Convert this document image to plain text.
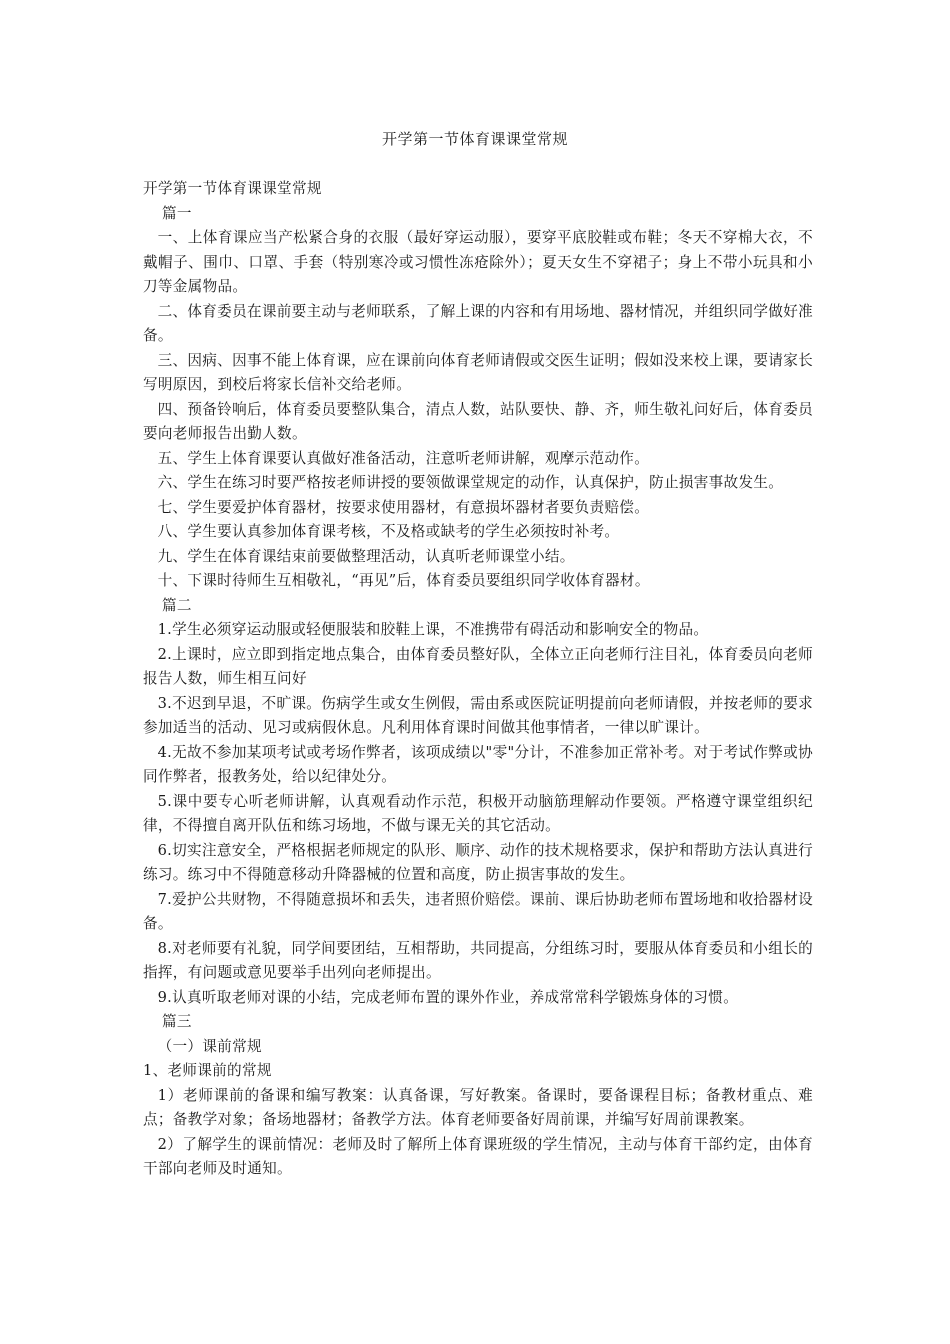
开学第一节体育课课堂常规

开学第一节体育课课堂常规

篇一

一、上体育课应当产松紧合身的衣服（最好穿运动服），要穿平底胶鞋或布鞋；冬天不穿棉大衣，不戴帽子、围巾、口罩、手套（特别寒冷或习惯性冻疮除外）；夏天女生不穿裙子；身上不带小玩具和小刀等金属物品。

二、体育委员在课前要主动与老师联系，了解上课的内容和有用场地、器材情况，并组织同学做好准备。

三、因病、因事不能上体育课，应在课前向体育老师请假或交医生证明；假如没来校上课，要请家长写明原因，到校后将家长信补交给老师。

四、预备铃响后，体育委员要整队集合，清点人数，站队要快、静、齐，师生敬礼问好后，体育委员要向老师报告出勤人数。

五、学生上体育课要认真做好准备活动，注意听老师讲解，观摩示范动作。

六、学生在练习时要严格按老师讲授的要领做课堂规定的动作，认真保护，防止损害事故发生。

七、学生要爱护体育器材，按要求使用器材，有意损坏器材者要负责赔偿。

八、学生要认真参加体育课考核，不及格或缺考的学生必须按时补考。

九、学生在体育课结束前要做整理活动，认真听老师课堂小结。

十、下课时待师生互相敬礼，“再见”后，体育委员要组织同学收体育器材。

篇二

1.学生必须穿运动服或轻便服装和胶鞋上课，不准携带有碍活动和影响安全的物品。

2.上课时，应立即到指定地点集合，由体育委员整好队，全体立正向老师行注目礼，体育委员向老师报告人数，师生相互问好

3.不迟到早退，不旷课。伤病学生或女生例假，需由系或医院证明提前向老师请假，并按老师的要求参加适当的活动、见习或病假休息。凡利用体育课时间做其他事情者，一律以旷课计。

4.无故不参加某项考试或考场作弊者，该项成绩以"零"分计，不准参加正常补考。对于考试作弊或协同作弊者，报教务处，给以纪律处分。

5.课中要专心听老师讲解，认真观看动作示范，积极开动脑筋理解动作要领。严格遵守课堂组织纪律，不得擅自离开队伍和练习场地，不做与课无关的其它活动。

6.切实注意安全，严格根据老师规定的队形、顺序、动作的技术规格要求，保护和帮助方法认真进行练习。练习中不得随意移动升降器械的位置和高度，防止损害事故的发生。

7.爱护公共财物，不得随意损坏和丢失，违者照价赔偿。课前、课后协助老师布置场地和收拾器材设备。

8.对老师要有礼貌，同学间要团结，互相帮助，共同提高，分组练习时，要服从体育委员和小组长的指挥，有问题或意见要举手出列向老师提出。

9.认真听取老师对课的小结，完成老师布置的课外作业，养成常常科学锻炼身体的习惯。

篇三

（一）课前常规

1、老师课前的常规

1）老师课前的备课和编写教案：认真备课，写好教案。备课时，要备课程目标；备教材重点、难点；备教学对象；备场地器材；备教学方法。体育老师要备好周前课，并编写好周前课教案。

2）了解学生的课前情况：老师及时了解所上体育课班级的学生情况，主动与体育干部约定，由体育干部向老师及时通知。
